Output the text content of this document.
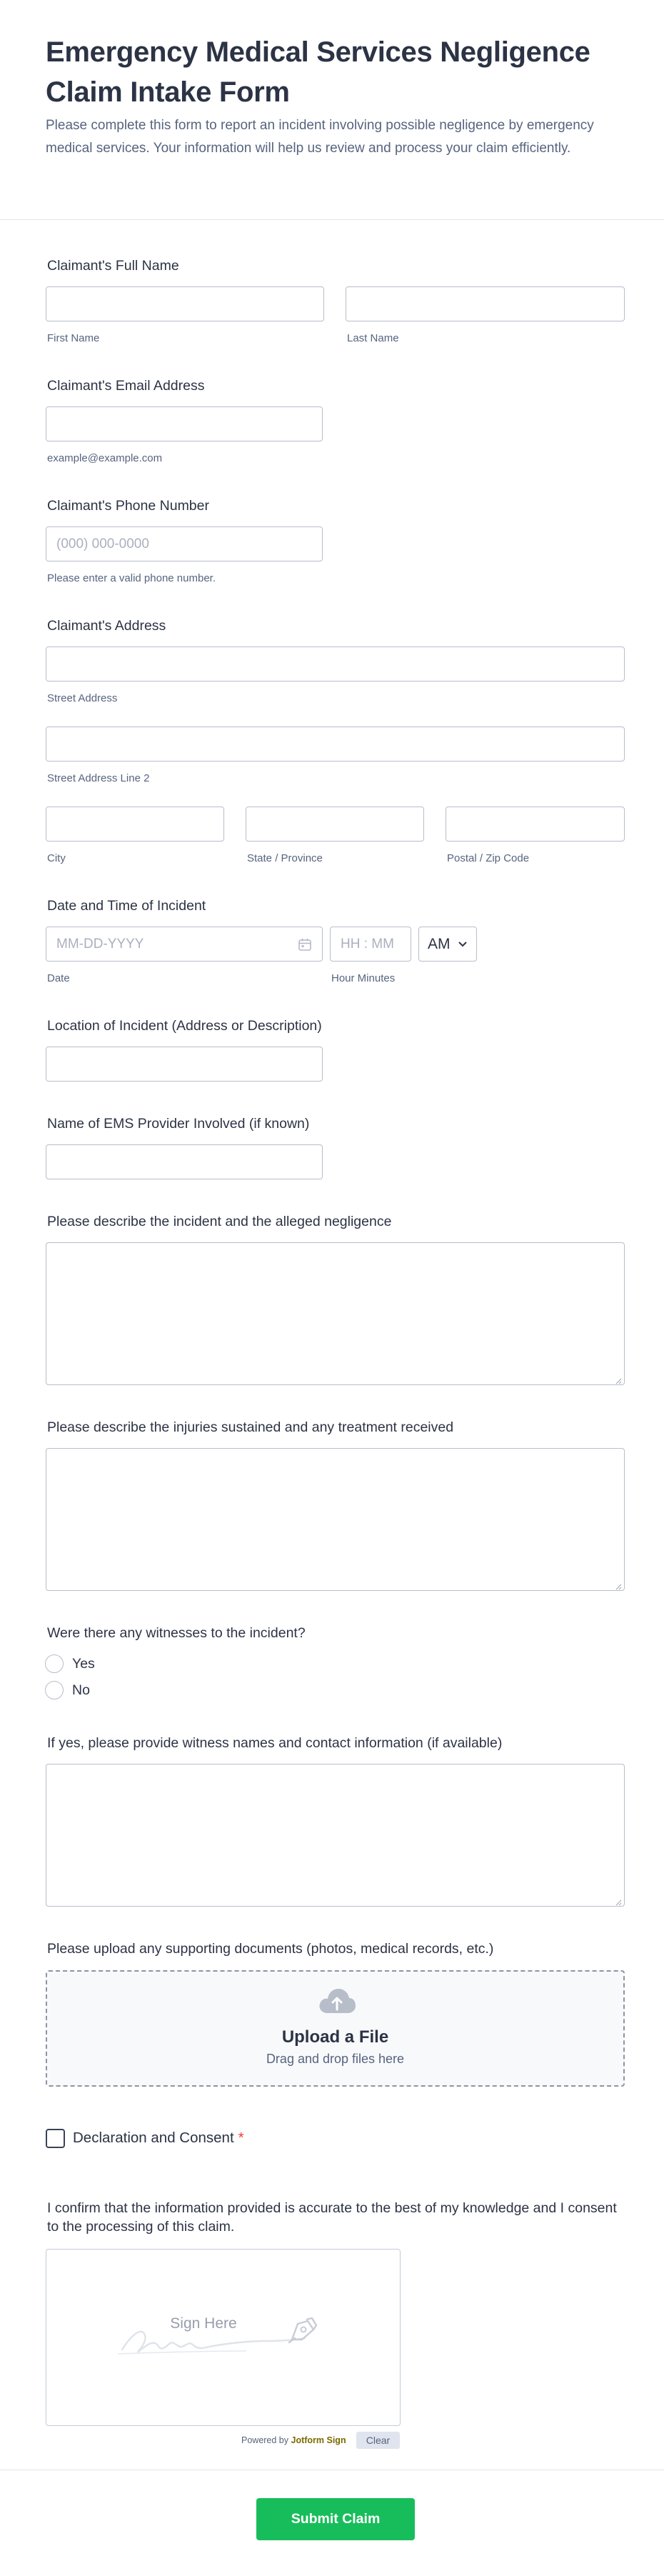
Emergency Medical Services Negligence Claim Intake Form
Please complete this form to report an incident involving possible negligence by emergency medical services. Your information will help us review and process your claim efficiently.
Claimant's Full Name
First Name	Last Name
Claimant's Email Address
example@example.com
Claimant's Phone Number
(000) 000-0000
Please enter a valid phone number.
Claimant's Address
Street Address
Street Address Line 2
City	State / Province	Postal / Zip Code
Date and Time of Incident
MM-DD-YYYY	HH : MM AM
Date	Hour Minutes
Location of Incident (Address or Description)
Name of EMS Provider Involved (if known)
Please describe the incident and the alleged negligence
Please describe the injuries sustained and any treatment received
Were there any witnesses to the incident?
Yes
No
If yes, please provide witness names and contact information (if available)
Please upload any supporting documents (photos, medical records, etc.)
Upload a File
Drag and drop files here
Declaration and Consent *
I confirm that the information provided is accurate to the best of my knowledge and I consent to the processing of this claim.
Sign Here
Powered by Jotform Sign	Clear
Submit Claim
